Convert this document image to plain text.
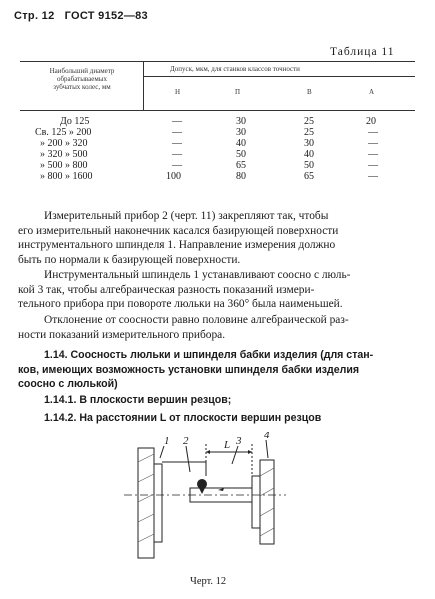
Стр. 12 ГОСТ 9152—83
Таблица 11
Наибольший диаметр
обрабатываемых
зубчатых колес, мм
Допуск, мкм, для станков классов точности
Н	П	В	А
До 125	—	30	25	20
Св. 125 » 200	—	30	25	—
» 200 » 320	—	40	30	—
» 320 » 500	—	50	40	—
» 500 » 800	—	65	50	—
» 800 » 1600	100	80	65	—
Измерительный прибор 2 (черт. 11) закрепляют так, чтобы
его измерительный наконечник касался базирующей поверхности
инструментального шпинделя 1. Направление измерения должно
быть по нормали к базирующей поверхности.
Инструментальный шпиндель 1 устанавливают соосно с люль-
кой 3 так, чтобы алгебраическая разность показаний измери-
тельного прибора при повороте люльки на 360° была наименьшей.
Отклонение от соосности равно половине алгебраической раз-
ности показаний измерительного прибора.
1.14. Соосность люльки и шпинделя бабки изделия (для стан-
ков, имеющих возможность установки шпинделя бабки изделия
соосно с люлькой)
1.14.1. В плоскости вершин резцов;
1.14.2. На расстоянии L от плоскости вершин резцов
1 2	3 4
L
Черт. 12
